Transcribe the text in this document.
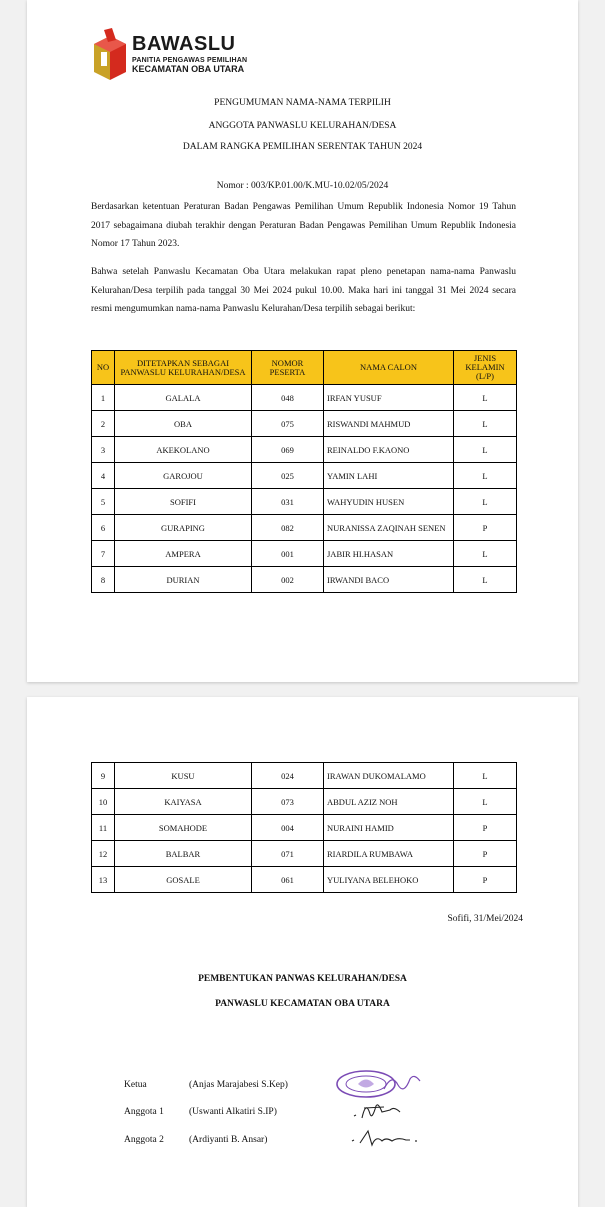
BAWASLU
PANITIA PENGAWAS PEMILIHAN
KECAMATAN OBA UTARA
PENGUMUMAN NAMA-NAMA TERPILIH
ANGGOTA PANWASLU KELURAHAN/DESA
DALAM RANGKA PEMILIHAN SERENTAK TAHUN 2024
Nomor : 003/KP.01.00/K.MU-10.02/05/2024
Berdasarkan ketentuan Peraturan Badan Pengawas Pemilihan Umum Republik Indonesia Nomor 19 Tahun 2017 sebagaimana diubah terakhir dengan Peraturan Badan Pengawas Pemilihan Umum Republik Indonesia Nomor 17 Tahun 2023.
Bahwa setelah Panwaslu Kecamatan Oba Utara melakukan rapat pleno penetapan nama-nama Panwaslu Kelurahan/Desa terpilih pada tanggal 30 Mei 2024 pukul 10.00. Maka hari ini tanggal 31 Mei 2024 secara resmi mengumumkan nama-nama Panwaslu Kelurahan/Desa terpilih sebagai berikut:
NO	DITETAPKAN SEBAGAI PANWASLU KELURAHAN/DESA	NOMOR PESERTA	NAMA CALON	JENIS KELAMIN (L/P)
1	GALALA	048	IRFAN YUSUF	L
2	OBA	075	RISWANDI MAHMUD	L
3	AKEKOLANO	069	REINALDO F.KAONO	L
4	GAROJOU	025	YAMIN LAHI	L
5	SOFIFI	031	WAHYUDIN HUSEN	L
6	GURAPING	082	NURANISSA ZAQINAH SENEN	P
7	AMPERA	001	JABIR HI.HASAN	L
8	DURIAN	002	IRWANDI BACO	L
9	KUSU	024	IRAWAN DUKOMALAMO	L
10	KAIYASA	073	ABDUL AZIZ NOH	L
11	SOMAHODE	004	NURAINI HAMID	P
12	BALBAR	071	RIARDILA RUMBAWA	P
13	GOSALE	061	YULIYANA BELEHOKO	P
Sofifi, 31/Mei/2024
PEMBENTUKAN PANWAS KELURAHAN/DESA
PANWASLU KECAMATAN OBA UTARA
Ketua	(Anjas Marajabesi S.Kep)
Anggota 1	(Uswanti Alkatiri S.IP)
Anggota 2	(Ardiyanti B. Ansar)
